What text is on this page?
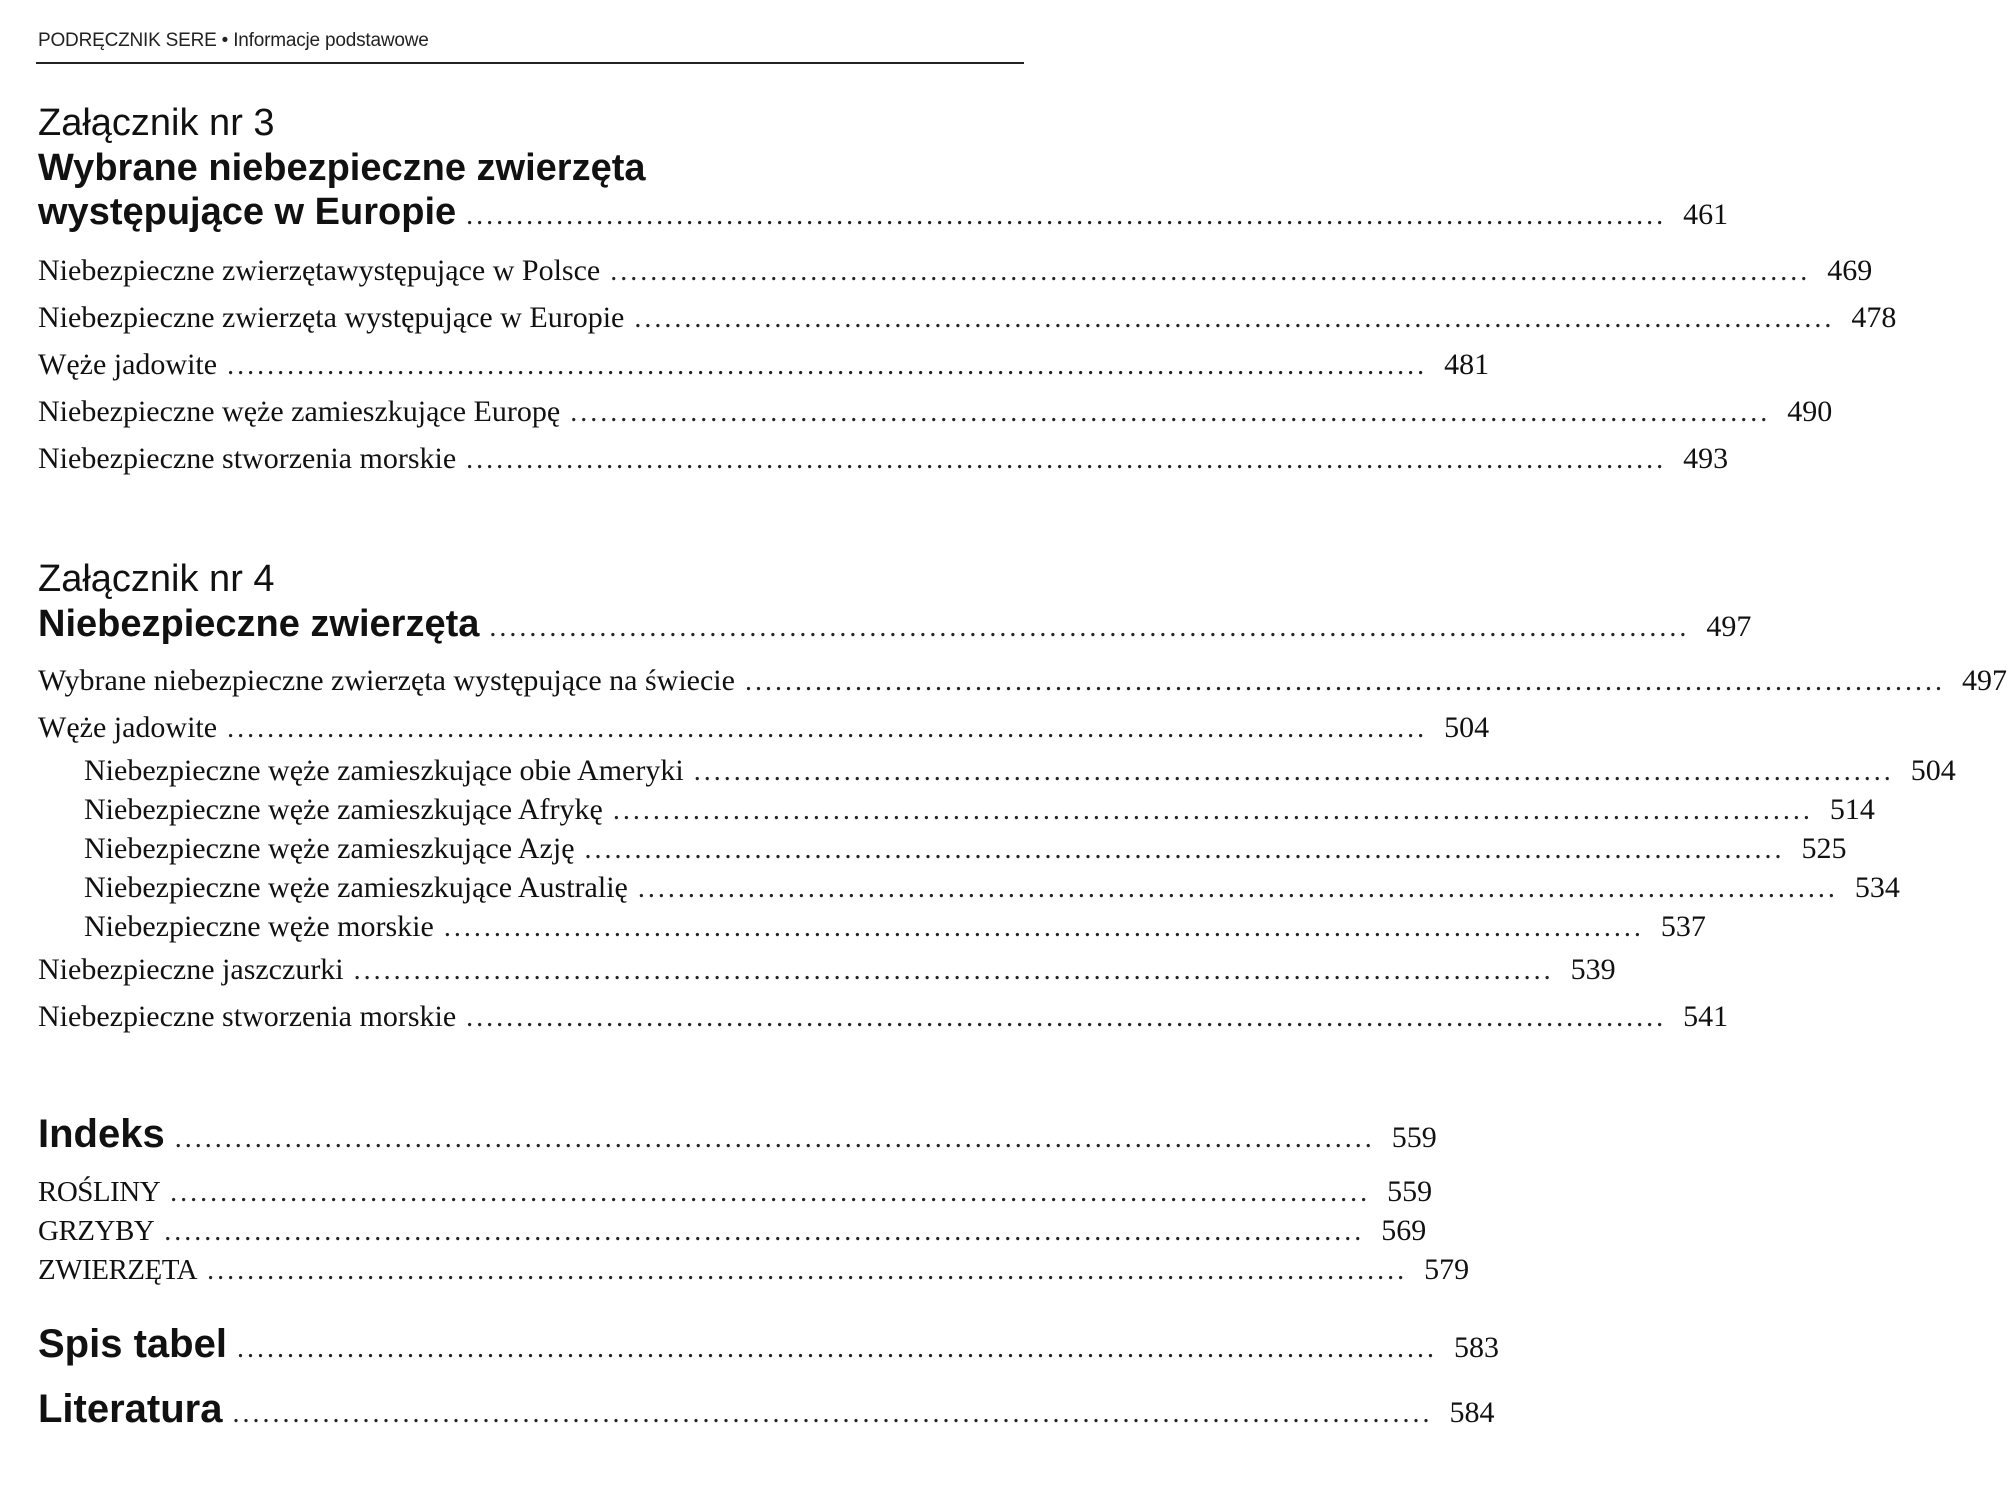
PODRĘCZNIK SERE • Informacje podstawowe

Załącznik nr 3

Wybrane niebezpieczne zwierzęta

występujące w Europie ........................................................................................................................ 461
Niebezpieczne zwierzętawystępujące w Polsce ........................................................................................................................ 469
Niebezpieczne zwierzęta występujące w Europie ........................................................................................................................ 478
Węże jadowite ........................................................................................................................ 481
Niebezpieczne węże zamieszkujące Europę ........................................................................................................................ 490
Niebezpieczne stworzenia morskie ........................................................................................................................ 493

Załącznik nr 4

Niebezpieczne zwierzęta ........................................................................................................................ 497
Wybrane niebezpieczne zwierzęta występujące na świecie ........................................................................................................................ 497
Węże jadowite ........................................................................................................................ 504
Niebezpieczne węże zamieszkujące obie Ameryki ........................................................................................................................ 504
Niebezpieczne węże zamieszkujące Afrykę ........................................................................................................................ 514
Niebezpieczne węże zamieszkujące Azję ........................................................................................................................ 525
Niebezpieczne węże zamieszkujące Australię ........................................................................................................................ 534
Niebezpieczne węże morskie ........................................................................................................................ 537
Niebezpieczne jaszczurki ........................................................................................................................ 539
Niebezpieczne stworzenia morskie ........................................................................................................................ 541
Indeks ........................................................................................................................ 559
ROŚLINY ........................................................................................................................ 559
GRZYBY ........................................................................................................................ 569
ZWIERZĘTA ........................................................................................................................ 579
Spis tabel ........................................................................................................................ 583
Literatura ........................................................................................................................ 584
